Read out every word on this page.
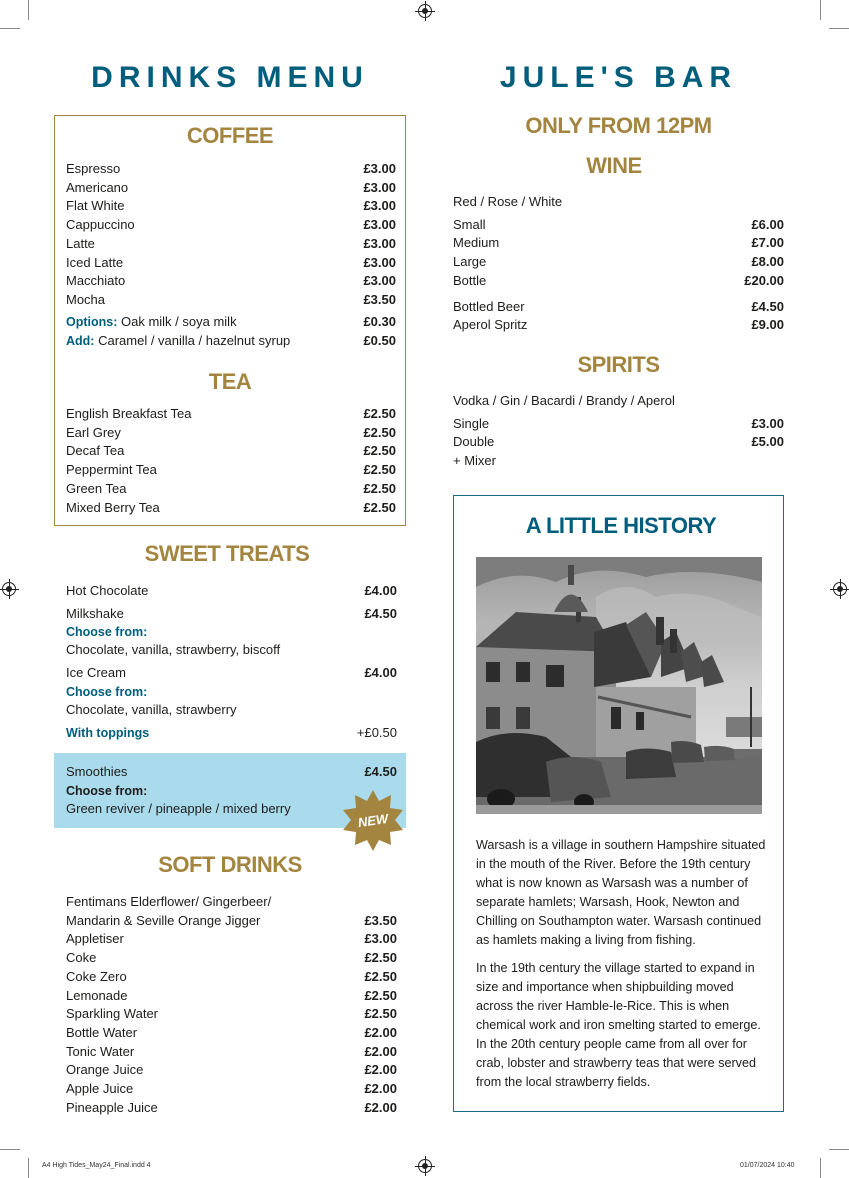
DRINKS MENU
COFFEE
Espresso	£3.00
Americano	£3.00
Flat White	£3.00
Cappuccino	£3.00
Latte	£3.00
Iced Latte	£3.00
Macchiato	£3.00
Mocha	£3.50
Options: Oak milk / soya milk	£0.30
Add: Caramel / vanilla / hazelnut syrup	£0.50
TEA
English Breakfast Tea	£2.50
Earl Grey	£2.50
Decaf Tea	£2.50
Peppermint Tea	£2.50
Green Tea	£2.50
Mixed Berry Tea	£2.50
SWEET TREATS
Hot Chocolate	£4.00
Milkshake	£4.50
Choose from:
Chocolate, vanilla, strawberry, biscoff
Ice Cream	£4.00
Choose from:
Chocolate, vanilla, strawberry
With toppings	+£0.50
Smoothies	£4.50
Choose from:
Green reviver / pineapple / mixed berry
NEW
SOFT DRINKS
Fentimans Elderflower/ Gingerbeer/
Mandarin & Seville Orange Jigger	£3.50
Appletiser	£3.00
Coke	£2.50
Coke Zero	£2.50
Lemonade	£2.50
Sparkling Water	£2.50
Bottle Water	£2.00
Tonic Water	£2.00
Orange Juice	£2.00
Apple Juice	£2.00
Pineapple Juice	£2.00
JULE'S BAR
ONLY FROM 12PM
WINE
Red / Rose / White
Small	£6.00
Medium	£7.00
Large	£8.00
Bottle	£20.00
Bottled Beer	£4.50
Aperol Spritz	£9.00
SPIRITS
Vodka / Gin / Bacardi / Brandy / Aperol
Single	£3.00
Double	£5.00
+ Mixer
A LITTLE HISTORY

Warsash is a village in southern Hampshire situated in the mouth of the River. Before the 19th century what is now known as Warsash was a number of separate hamlets; Warsash, Hook, Newton and Chilling on Southampton water. Warsash continued as hamlets making a living from fishing.

In the 19th century the village started to expand in size and importance when shipbuilding moved across the river Hamble-le-Rice. This is when chemical work and iron smelting started to emerge. In the 20th century people came from all over for crab, lobster and strawberry teas that were served from the local strawberry fields.

A4 High Tides_May24_Final.indd 4	01/07/2024 10:40
